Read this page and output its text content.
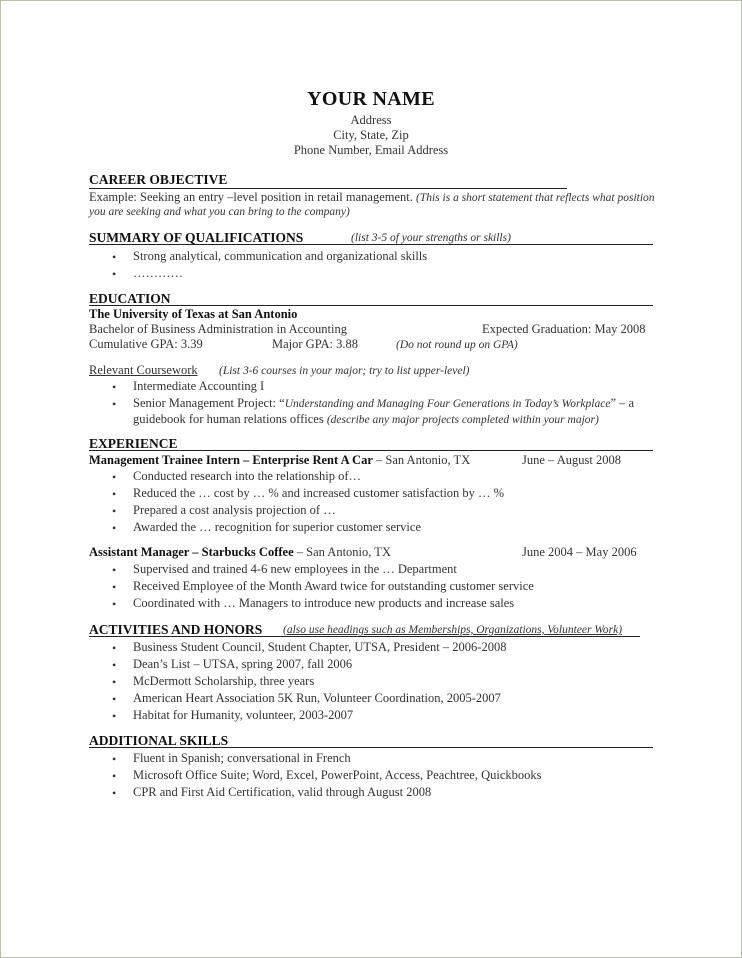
YOUR NAME
Address
City, State, Zip
Phone Number, Email Address
CAREER OBJECTIVE
Example: Seeking an entry –level position in retail management. (This is a short statement that reflects what position
you are seeking and what you can bring to the company)
SUMMARY OF QUALIFICATIONS	(list 3-5 of your strengths or skills)
• Strong analytical, communication and organizational skills
• …………
EDUCATION
The University of Texas at San Antonio
Bachelor of Business Administration in Accounting	Expected Graduation: May 2008
Cumulative GPA: 3.39	Major GPA: 3.88	(Do not round up on GPA)
Relevant Coursework (List 3-6 courses in your major; try to list upper-level)
• Intermediate Accounting I
• Senior Management Project: “Understanding and Managing Four Generations in Today’s Workplace” – a
guidebook for human relations offices (describe any major projects completed within your major)
EXPERIENCE
Management Trainee Intern – Enterprise Rent A Car – San Antonio, TX	June – August 2008
• Conducted research into the relationship of…
• Reduced the … cost by … % and increased customer satisfaction by … %
• Prepared a cost analysis projection of …
• Awarded the … recognition for superior customer service
Assistant Manager – Starbucks Coffee – San Antonio, TX	June 2004 – May 2006
• Supervised and trained 4-6 new employees in the … Department
• Received Employee of the Month Award twice for outstanding customer service
• Coordinated with … Managers to introduce new products and increase sales
ACTIVITIES AND HONORS (also use headings such as Memberships, Organizations, Volunteer Work)
• Business Student Council, Student Chapter, UTSA, President – 2006-2008
• Dean’s List – UTSA, spring 2007, fall 2006
• McDermott Scholarship, three years
• American Heart Association 5K Run, Volunteer Coordination, 2005-2007
• Habitat for Humanity, volunteer, 2003-2007
ADDITIONAL SKILLS
• Fluent in Spanish; conversational in French
• Microsoft Office Suite; Word, Excel, PowerPoint, Access, Peachtree, Quickbooks
• CPR and First Aid Certification, valid through August 2008
